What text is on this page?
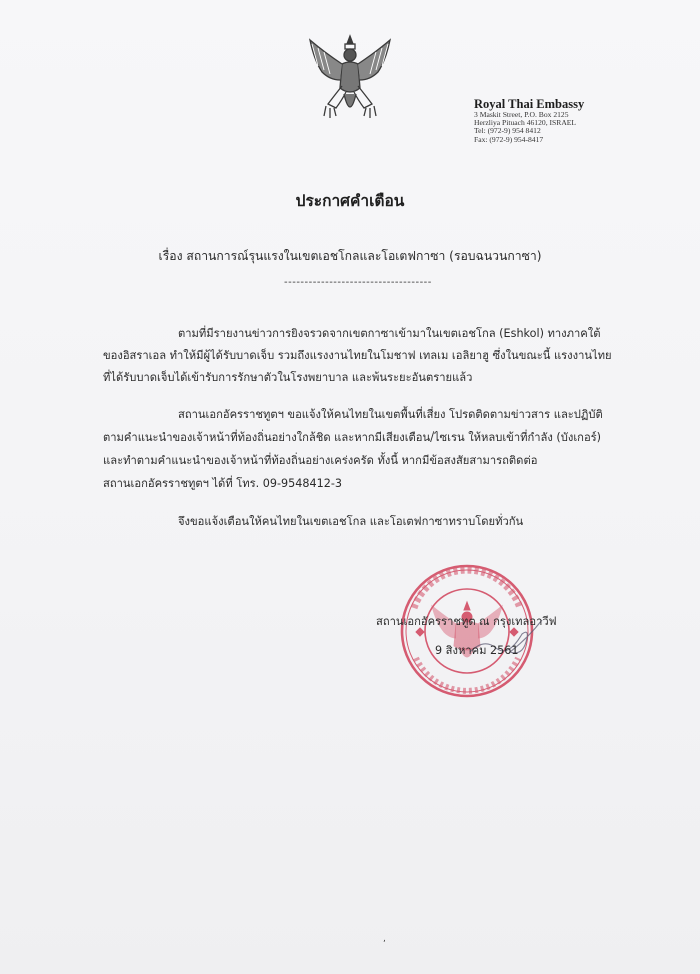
Royal Thai Embassy
3 Maskit Street, P.O. Box 2125
Herzliya Pituach 46120, ISRAEL
Tel: (972-9) 954 8412
Fax: (972-9) 954-8417
ประกาศคำเตือน
เรื่อง สถานการณ์รุนแรงในเขตเอชโกลและโอเตฟกาซา (รอบฉนวนกาซา)
------------------------------------
ตามที่มีรายงานข่าวการยิงจรวดจากเขตกาซาเข้ามาในเขตเอชโกล (Eshkol) ทางภาคใต้
ของอิสราเอล ทำให้มีผู้ได้รับบาดเจ็บ รวมถึงแรงงานไทยในโมชาฟ เทลเม เอลิยาฮู ซึ่งในขณะนี้ แรงงานไทย
ที่ได้รับบาดเจ็บได้เข้ารับการรักษาตัวในโรงพยาบาล และพ้นระยะอันตรายแล้ว
สถานเอกอัครราชทูตฯ ขอแจ้งให้คนไทยในเขตพื้นที่เสี่ยง โปรดติดตามข่าวสาร และปฏิบัติ
ตามคำแนะนำของเจ้าหน้าที่ท้องถิ่นอย่างใกล้ชิด และหากมีเสียงเตือน/ไซเรน ให้หลบเข้าที่กำลัง (บังเกอร์)
และทำตามคำแนะนำของเจ้าหน้าที่ท้องถิ่นอย่างเคร่งครัด ทั้งนี้ หากมีข้อสงสัยสามารถติดต่อ
สถานเอกอัครราชทูตฯ ได้ที่ โทร. 09-9548412-3
จึงขอแจ้งเตือนให้คนไทยในเขตเอชโกล และโอเตฟกาซาทราบโดยทั่วกัน
สถานเอกอัครราชทูต ณ กรุงเทลอาวีฟ
9 สิงหาคม 2561
,
